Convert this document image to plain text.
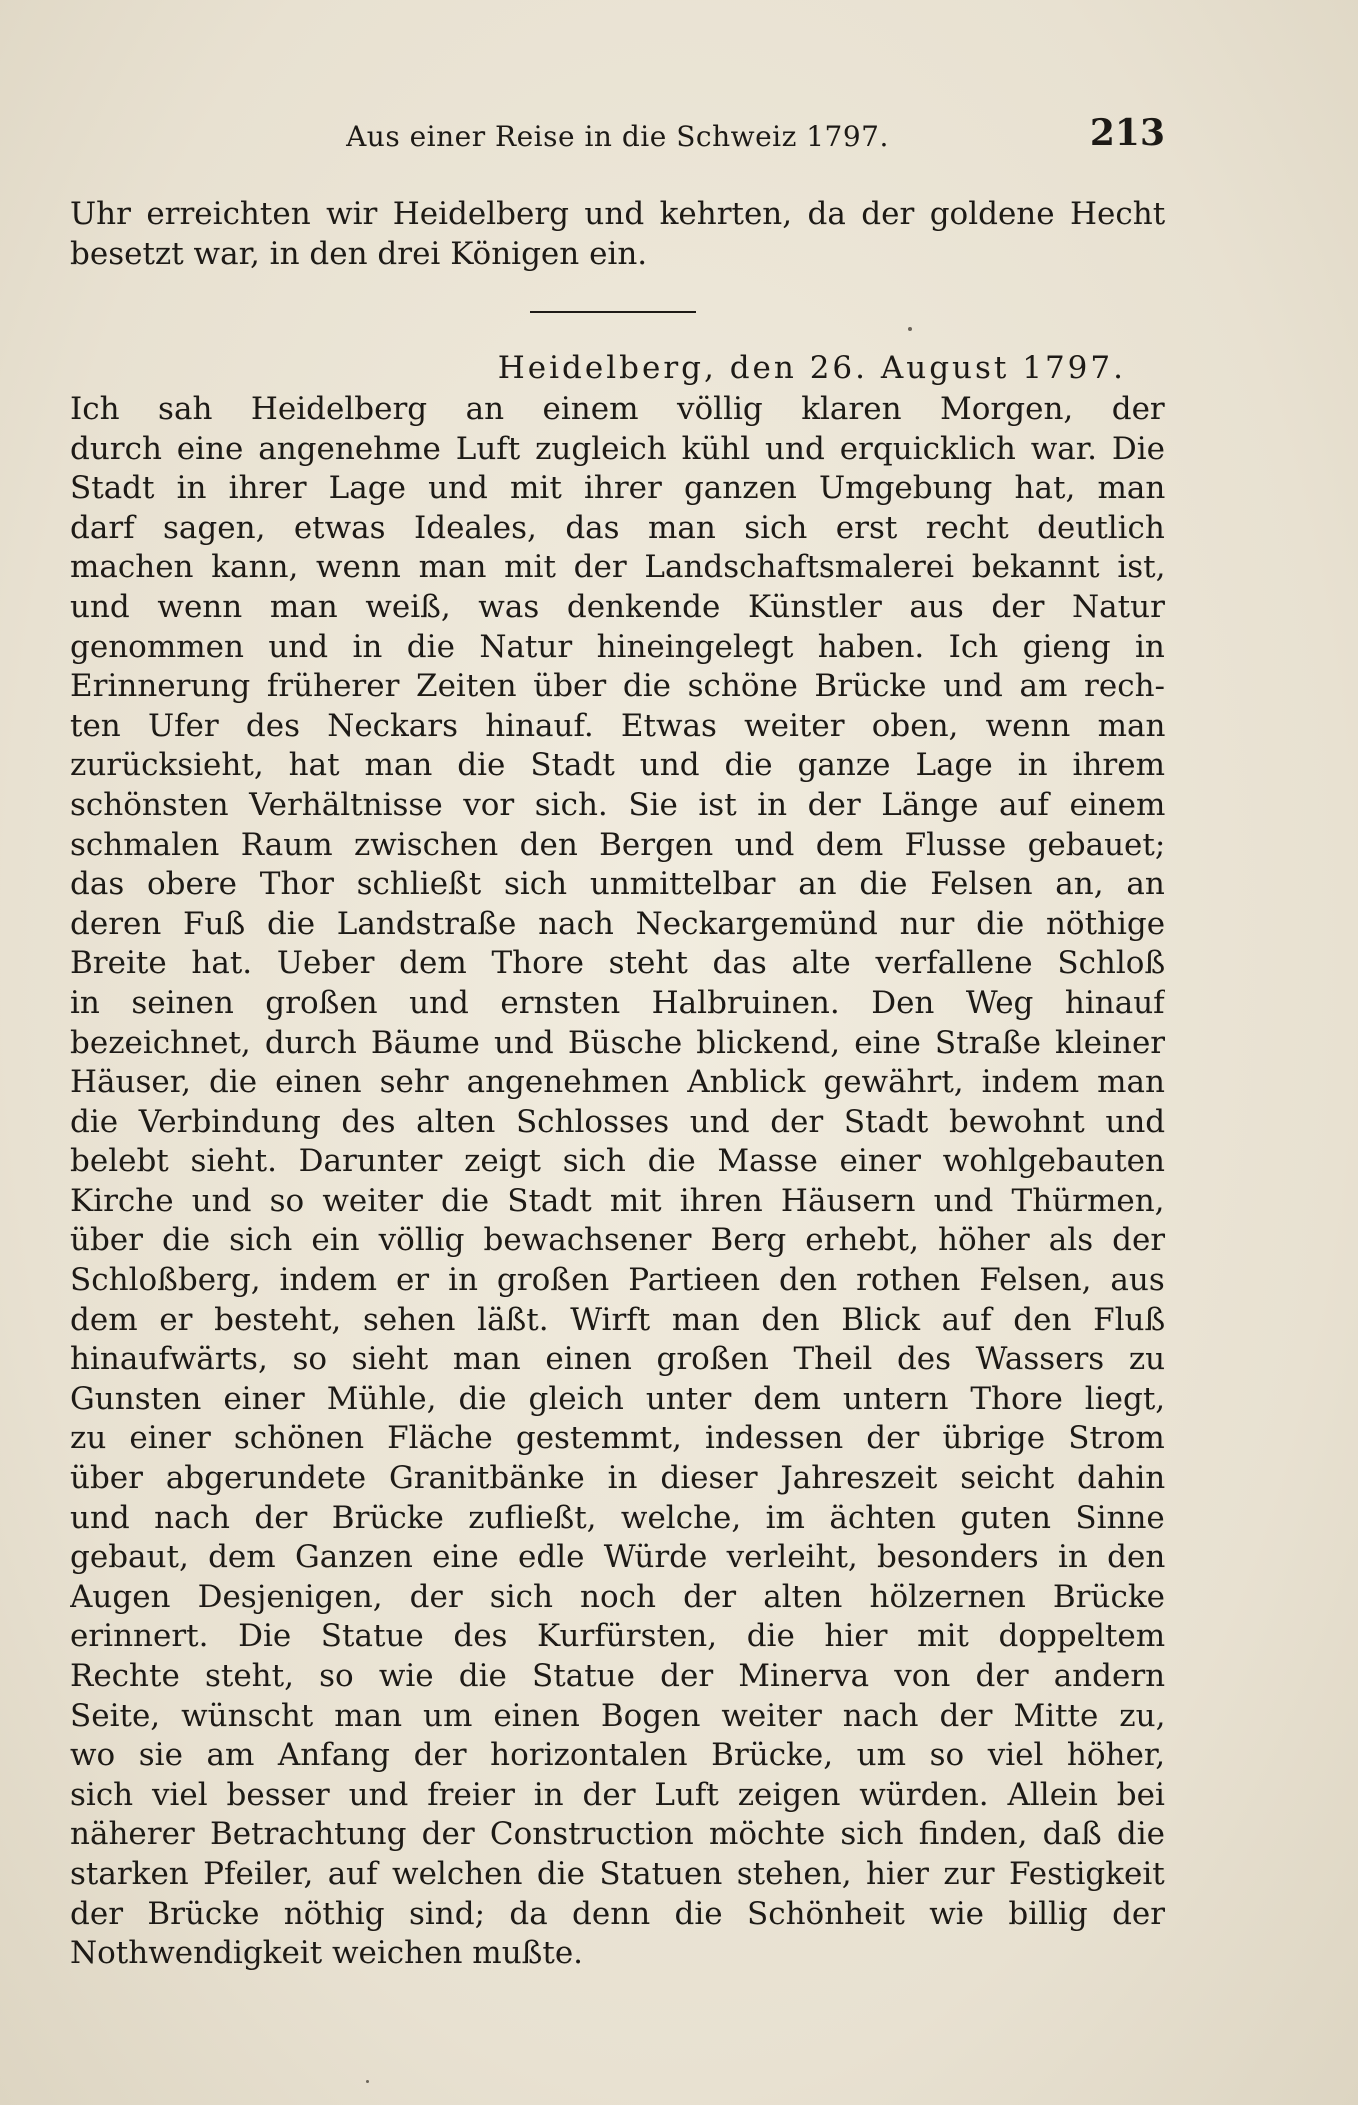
Aus einer Reise in die Schweiz 1797.	213
Uhr erreichten wir Heidelberg und kehrten, da der goldene Hecht
besetzt war, in den drei Königen ein.
Heidelberg, den 26. August 1797.
Ich sah Heidelberg an einem völlig klaren Morgen, der
durch eine angenehme Luft zugleich kühl und erquicklich war. Die
Stadt in ihrer Lage und mit ihrer ganzen Umgebung hat, man
darf sagen, etwas Ideales, das man sich erst recht deutlich
machen kann, wenn man mit der Landschaftsmalerei bekannt ist,
und wenn man weiß, was denkende Künstler aus der Natur
genommen und in die Natur hineingelegt haben. Ich gieng in
Erinnerung früherer Zeiten über die schöne Brücke und am rech-
ten Ufer des Neckars hinauf. Etwas weiter oben, wenn man
zurücksieht, hat man die Stadt und die ganze Lage in ihrem
schönsten Verhältnisse vor sich. Sie ist in der Länge auf einem
schmalen Raum zwischen den Bergen und dem Flusse gebauet;
das obere Thor schließt sich unmittelbar an die Felsen an, an
deren Fuß die Landstraße nach Neckargemünd nur die nöthige
Breite hat. Ueber dem Thore steht das alte verfallene Schloß
in seinen großen und ernsten Halbruinen. Den Weg hinauf
bezeichnet, durch Bäume und Büsche blickend, eine Straße kleiner
Häuser, die einen sehr angenehmen Anblick gewährt, indem man
die Verbindung des alten Schlosses und der Stadt bewohnt und
belebt sieht. Darunter zeigt sich die Masse einer wohlgebauten
Kirche und so weiter die Stadt mit ihren Häusern und Thürmen,
über die sich ein völlig bewachsener Berg erhebt, höher als der
Schloßberg, indem er in großen Partieen den rothen Felsen, aus
dem er besteht, sehen läßt. Wirft man den Blick auf den Fluß
hinaufwärts, so sieht man einen großen Theil des Wassers zu
Gunsten einer Mühle, die gleich unter dem untern Thore liegt,
zu einer schönen Fläche gestemmt, indessen der übrige Strom
über abgerundete Granitbänke in dieser Jahreszeit seicht dahin
und nach der Brücke zufließt, welche, im ächten guten Sinne
gebaut, dem Ganzen eine edle Würde verleiht, besonders in den
Augen Desjenigen, der sich noch der alten hölzernen Brücke
erinnert. Die Statue des Kurfürsten, die hier mit doppeltem
Rechte steht, so wie die Statue der Minerva von der andern
Seite, wünscht man um einen Bogen weiter nach der Mitte zu,
wo sie am Anfang der horizontalen Brücke, um so viel höher,
sich viel besser und freier in der Luft zeigen würden. Allein bei
näherer Betrachtung der Construction möchte sich finden, daß die
starken Pfeiler, auf welchen die Statuen stehen, hier zur Festigkeit
der Brücke nöthig sind; da denn die Schönheit wie billig der
Nothwendigkeit weichen mußte.
